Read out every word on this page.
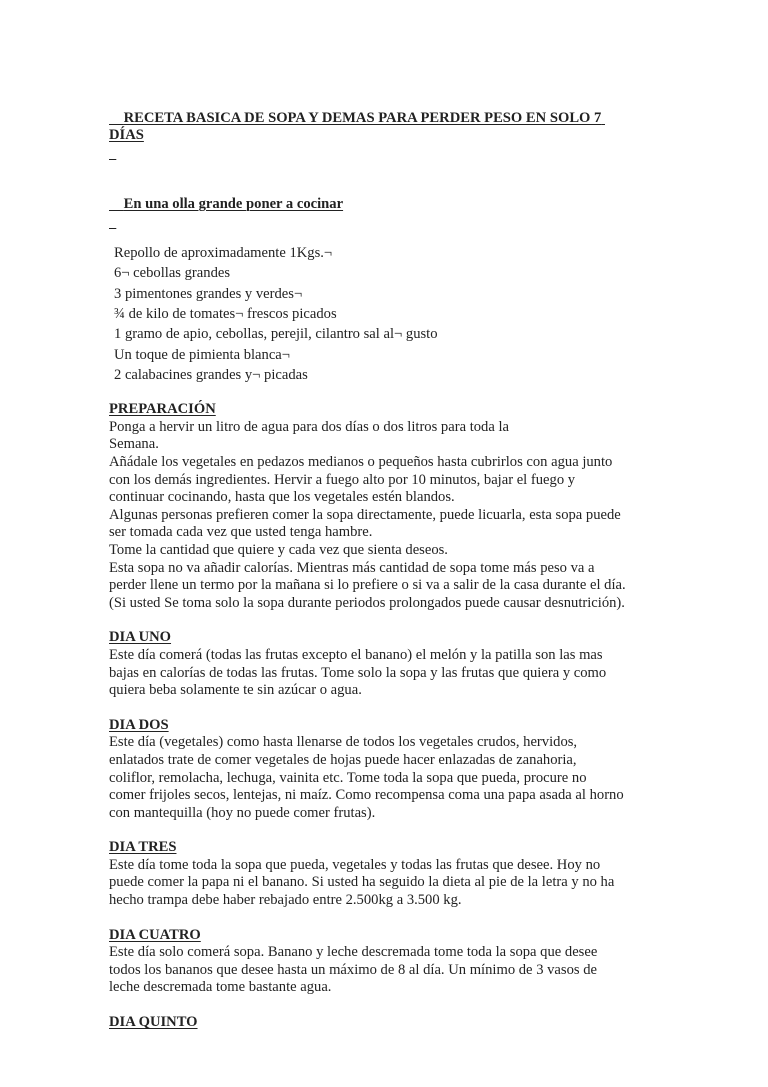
RECETA BASICA DE SOPA Y DEMAS PARA PERDER PESO EN SOLO 7 DÍAS

En una olla grande poner a cocinar

Repollo de aproximadamente 1Kgs.¬
6¬ cebollas grandes
3 pimentones grandes y verdes¬
¾ de kilo de tomates¬ frescos picados
1 gramo de apio, cebollas, perejil, cilantro sal al¬ gusto
Un toque de pimienta blanca¬
2 calabacines grandes y¬ picadas
PREPARACIÓN
Ponga a hervir un litro de agua para dos días o dos litros para toda la
Semana.
Añádale los vegetales en pedazos medianos o pequeños hasta cubrirlos con agua junto
con los demás ingredientes. Hervir a fuego alto por 10 minutos, bajar el fuego y
continuar cocinando, hasta que los vegetales estén blandos.
Algunas personas prefieren comer la sopa directamente, puede licuarla, esta sopa puede
ser tomada cada vez que usted tenga hambre.
Tome la cantidad que quiere y cada vez que sienta deseos.
Esta sopa no va añadir calorías. Mientras más cantidad de sopa tome más peso va a
perder llene un termo por la mañana si lo prefiere o si va a salir de la casa durante el día.
(Si usted Se toma solo la sopa durante periodos prolongados puede causar desnutrición).
DIA UNO
Este día comerá (todas las frutas excepto el banano) el melón y la patilla son las mas
bajas en calorías de todas las frutas. Tome solo la sopa y las frutas que quiera y como
quiera beba solamente te sin azúcar o agua.
DIA DOS
Este día (vegetales) como hasta llenarse de todos los vegetales crudos, hervidos,
enlatados trate de comer vegetales de hojas puede hacer enlazadas de zanahoria,
coliflor, remolacha, lechuga, vainita etc. Tome toda la sopa que pueda, procure no
comer frijoles secos, lentejas, ni maíz. Como recompensa coma una papa asada al horno
con mantequilla (hoy no puede comer frutas).
DIA TRES
Este día tome toda la sopa que pueda, vegetales y todas las frutas que desee. Hoy no
puede comer la papa ni el banano. Si usted ha seguido la dieta al pie de la letra y no ha
hecho trampa debe haber rebajado entre 2.500kg a 3.500 kg.
DIA CUATRO
Este día solo comerá sopa. Banano y leche descremada tome toda la sopa que desee
todos los bananos que desee hasta un máximo de 8 al día. Un mínimo de 3 vasos de
leche descremada tome bastante agua.
DIA QUINTO
